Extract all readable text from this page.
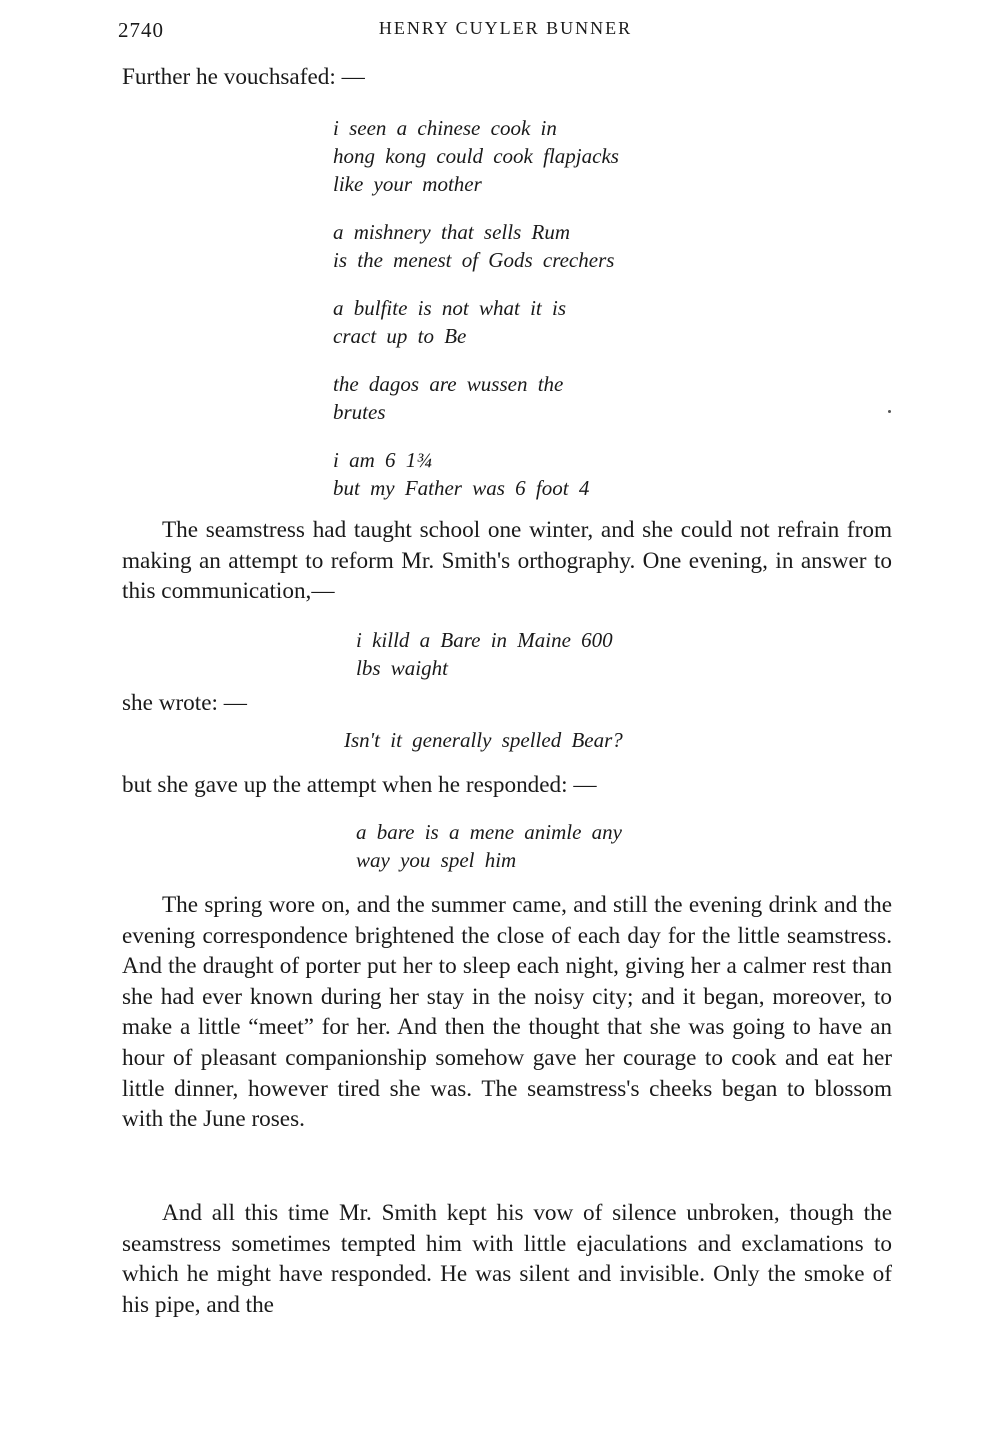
2740	HENRY CUYLER BUNNER

Further he vouchsafed: —

i seen a chinese cook in
hong kong could cook flapjacks
like your mother
a mishnery that sells Rum
is the menest of Gods crechers
a bulfite is not what it is
cract up to Be
the dagos are wussen the
brutes
i am 6 1¾
but my Father was 6 foot 4

The seamstress had taught school one winter, and she could not refrain from making an attempt to reform Mr. Smith's orthography. One evening, in answer to this communication,—

i killd a Bare in Maine 600
lbs waight

she wrote: —

Isn't it generally spelled Bear?

but she gave up the attempt when he responded: —

a bare is a mene animle any
way you spel him

The spring wore on, and the summer came, and still the evening drink and the evening correspondence brightened the close of each day for the little seamstress. And the draught of porter put her to sleep each night, giving her a calmer rest than she had ever known during her stay in the noisy city; and it began, moreover, to make a little “meet” for her. And then the thought that she was going to have an hour of pleasant companionship somehow gave her courage to cook and eat her little dinner, however tired she was. The seamstress's cheeks began to blossom with the June roses.

And all this time Mr. Smith kept his vow of silence unbroken, though the seamstress sometimes tempted him with little ejaculations and exclamations to which he might have responded. He was silent and invisible. Only the smoke of his pipe, and the
